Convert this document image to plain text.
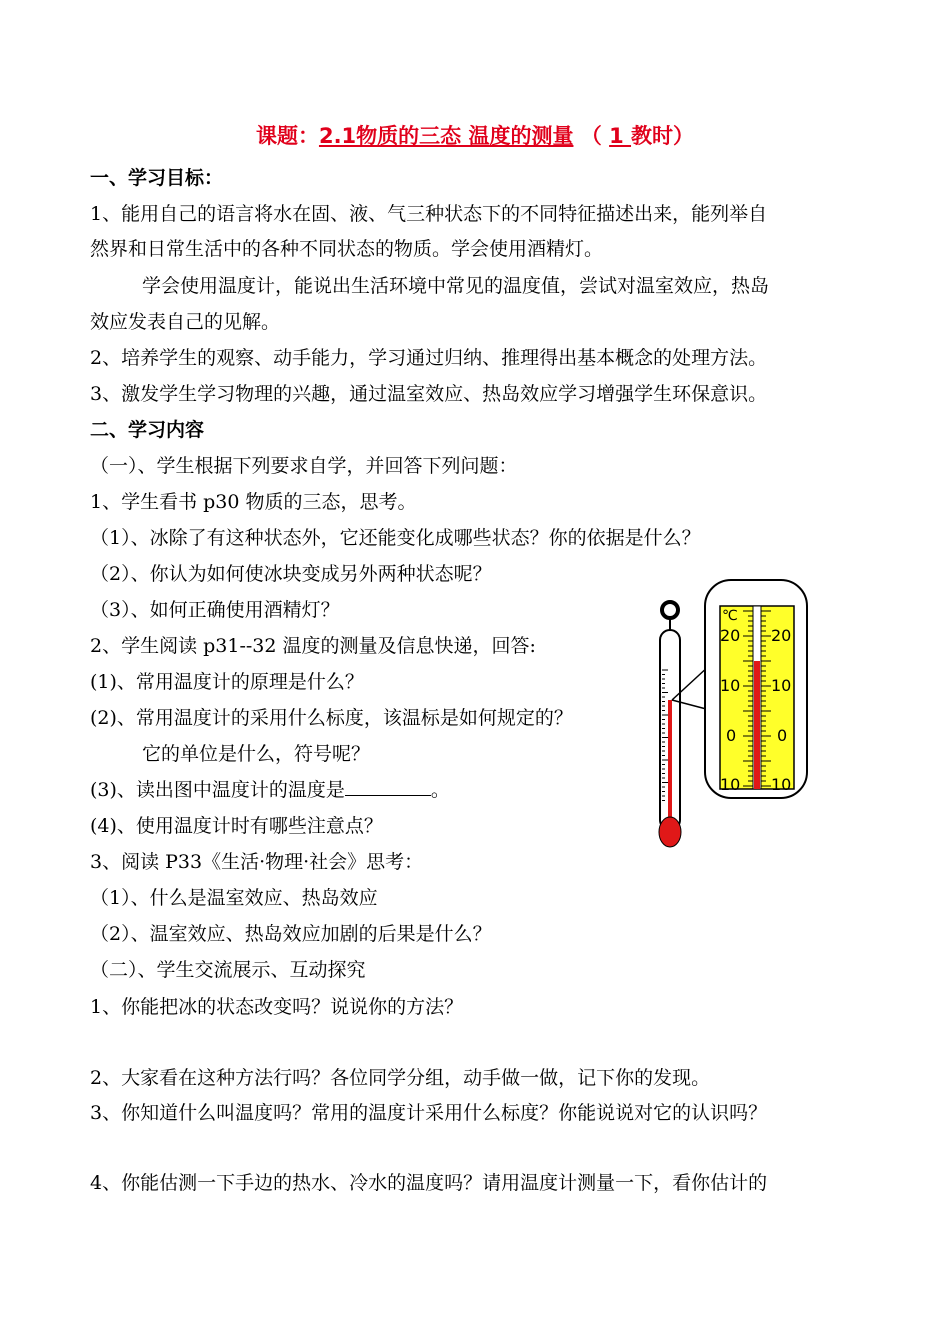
课题：2.1物质的三态 温度的测量 （ 1 教时）
一、学习目标：
1、能用自己的语言将水在固、液、气三种状态下的不同特征描述出来，能列举自
然界和日常生活中的各种不同状态的物质。学会使用酒精灯。
学会使用温度计，能说出生活环境中常见的温度值，尝试对温室效应，热岛
效应发表自己的见解。
2、培养学生的观察、动手能力，学习通过归纳、推理得出基本概念的处理方法。
3、激发学生学习物理的兴趣，通过温室效应、热岛效应学习增强学生环保意识。
二、学习内容
（一）、学生根据下列要求自学，并回答下列问题：
1、学生看书 p30 物质的三态，思考。
（1）、冰除了有这种状态外，它还能变化成哪些状态？你的依据是什么？
（2）、你认为如何使冰块变成另外两种状态呢？
（3）、如何正确使用酒精灯？
2、学生阅读 p31--32 温度的测量及信息快递，回答:
(1)、常用温度计的原理是什么？
(2)、常用温度计的采用什么标度，该温标是如何规定的？
它的单位是什么，符号呢？
(3)、读出图中温度计的温度是	。
(4)、使用温度计时有哪些注意点？
3、阅读 P33《生活·物理·社会》思考：
（1）、什么是温室效应、热岛效应
（2）、温室效应、热岛效应加剧的后果是什么？
（二）、学生交流展示、互动探究
1、你能把冰的状态改变吗？说说你的方法？
2、大家看在这种方法行吗？各位同学分组，动手做一做，记下你的发现。
3、你知道什么叫温度吗？常用的温度计采用什么标度？你能说说对它的认识吗？
4、你能估测一下手边的热水、冷水的温度吗？请用温度计测量一下，看你估计的
℃
20 20
10 10
0	0
10 10
